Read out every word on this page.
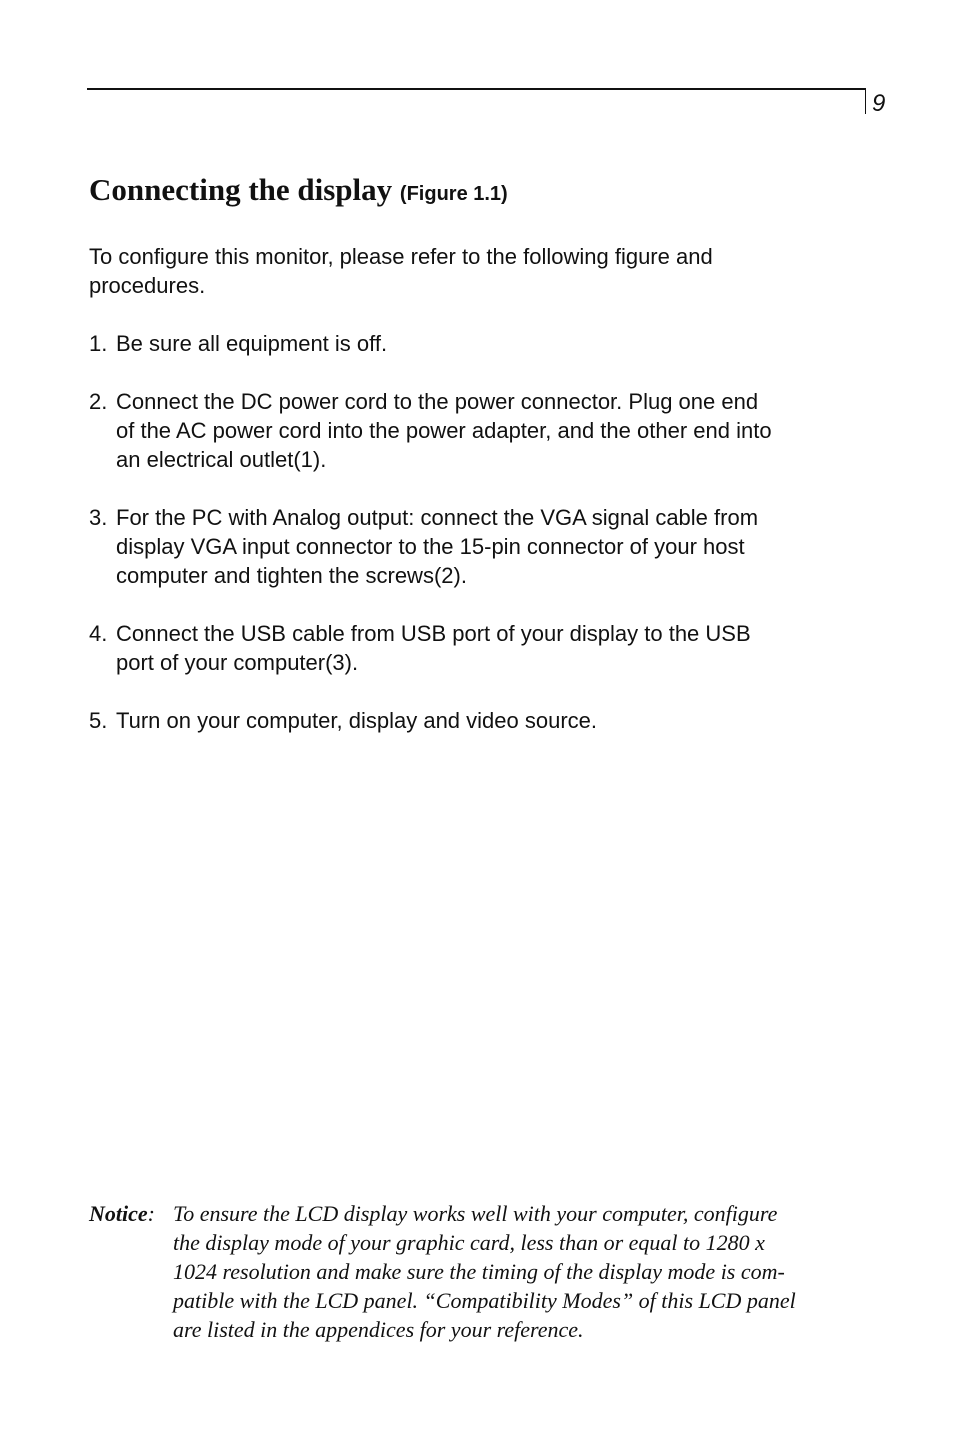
9
Connecting the display (Figure 1.1)

To configure this monitor, please refer to the following figure and
procedures.

1. Be sure all equipment is off.
2. Connect the DC power cord to the power connector. Plug one end
of the AC power cord into the power adapter, and the other end into
an electrical outlet(1).
3. For the PC with Analog output: connect the VGA signal cable from
display VGA input connector to the 15-pin connector of your host
computer and tighten the screws(2).
4. Connect the USB cable from USB port of your display to the USB
port of your computer(3).
5. Turn on your computer, display and video source.
Notice: To ensure the LCD display works well with your computer, configure
the display mode of your graphic card, less than or equal to 1280 x
1024 resolution and make sure the timing of the display mode is com-
patible with the LCD panel. “Compatibility Modes” of this LCD panel
are listed in the appendices for your reference.
